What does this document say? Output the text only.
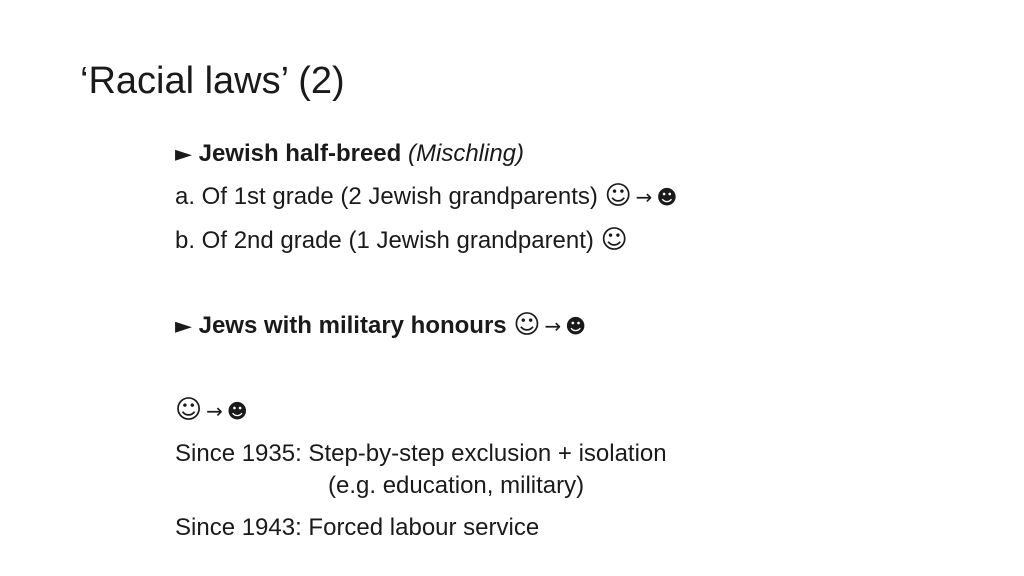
‘Racial laws’ (2)
► Jewish half-breed (Mischling)
a. Of 1st grade (2 Jewish grandparents) ☺ → ☻
b. Of 2nd grade (1 Jewish grandparent) ☺
► Jews with military honours ☺ → ☻
☺ → ☻
Since 1935: Step-by-step exclusion + isolation
(e.g. education, military)
Since 1943: Forced labour service
